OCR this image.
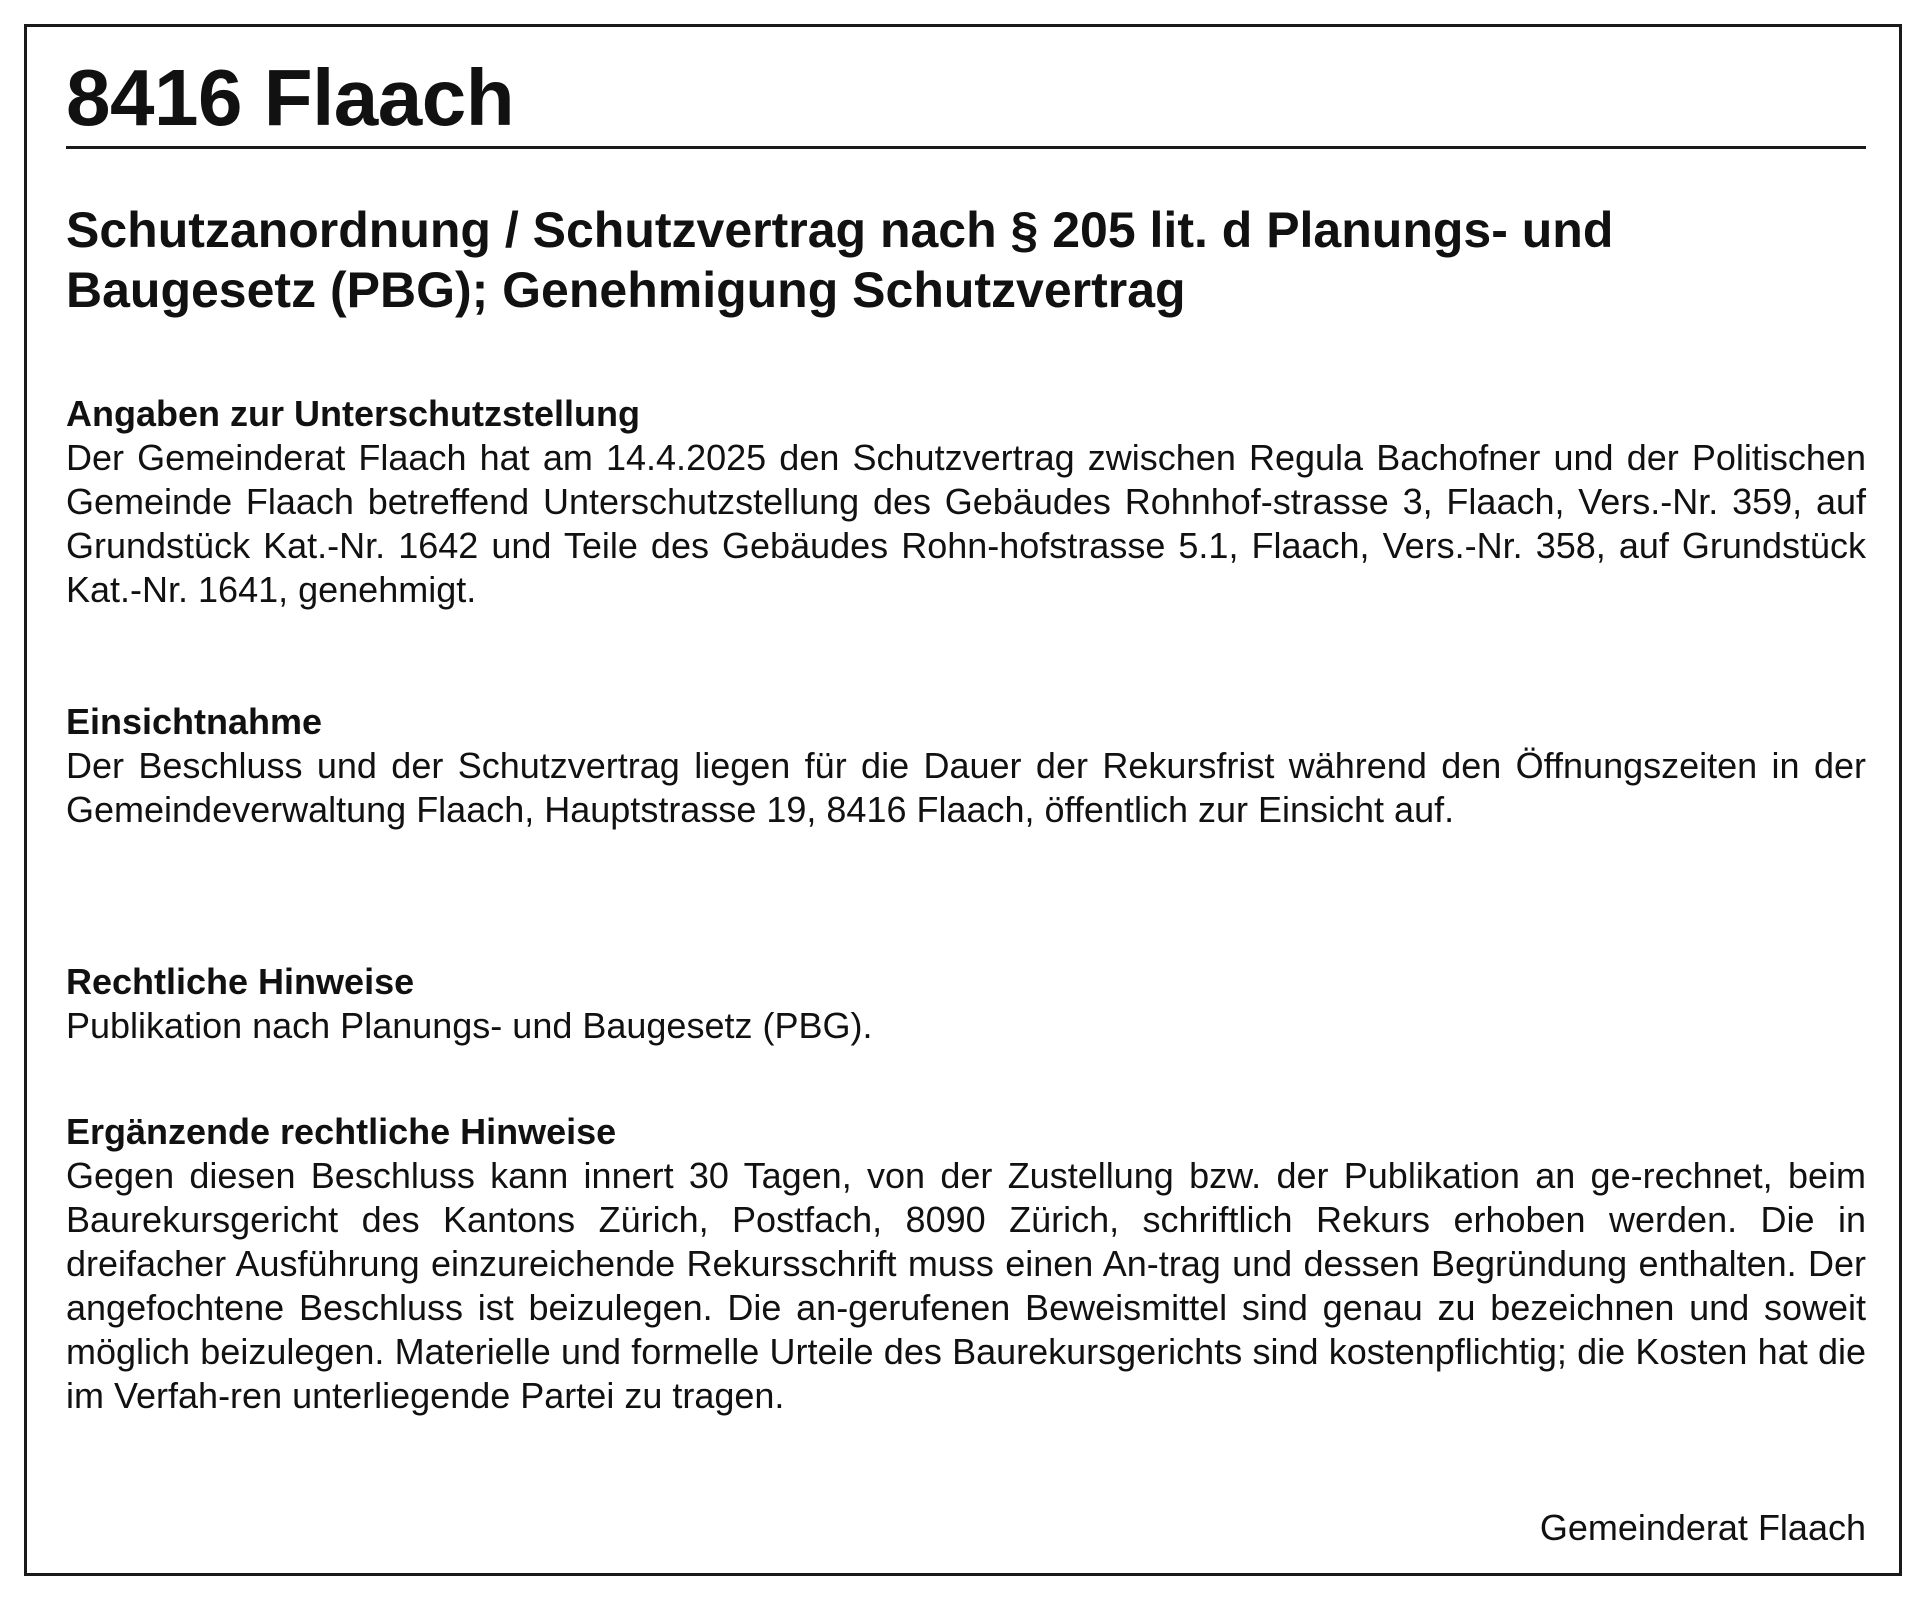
8416 Flaach
Schutzanordnung / Schutzvertrag nach § 205 lit. d Planungs- und Baugesetz (PBG); Genehmigung Schutzvertrag
Angaben zur Unterschutzstellung

Der Gemeinderat Flaach hat am 14.4.2025 den Schutzvertrag zwischen Regula Bachofner und der Politischen Gemeinde Flaach betreffend Unterschutzstellung des Gebäudes Rohnhof-strasse 3, Flaach, Vers.-Nr. 359, auf Grundstück Kat.-Nr. 1642 und Teile des Gebäudes Rohn-hofstrasse 5.1, Flaach, Vers.-Nr. 358, auf Grundstück Kat.-Nr. 1641, genehmigt.

Einsichtnahme

Der Beschluss und der Schutzvertrag liegen für die Dauer der Rekursfrist während den Öffnungszeiten in der Gemeindeverwaltung Flaach, Hauptstrasse 19, 8416 Flaach, öffentlich zur Einsicht auf.

Rechtliche Hinweise

Publikation nach Planungs- und Baugesetz (PBG).

Ergänzende rechtliche Hinweise

Gegen diesen Beschluss kann innert 30 Tagen, von der Zustellung bzw. der Publikation an ge-rechnet, beim Baurekursgericht des Kantons Zürich, Postfach, 8090 Zürich, schriftlich Rekurs erhoben werden. Die in dreifacher Ausführung einzureichende Rekursschrift muss einen An-trag und dessen Begründung enthalten. Der angefochtene Beschluss ist beizulegen. Die an-gerufenen Beweismittel sind genau zu bezeichnen und soweit möglich beizulegen. Materielle und formelle Urteile des Baurekursgerichts sind kostenpflichtig; die Kosten hat die im Verfah-ren unterliegende Partei zu tragen.

Gemeinderat Flaach
